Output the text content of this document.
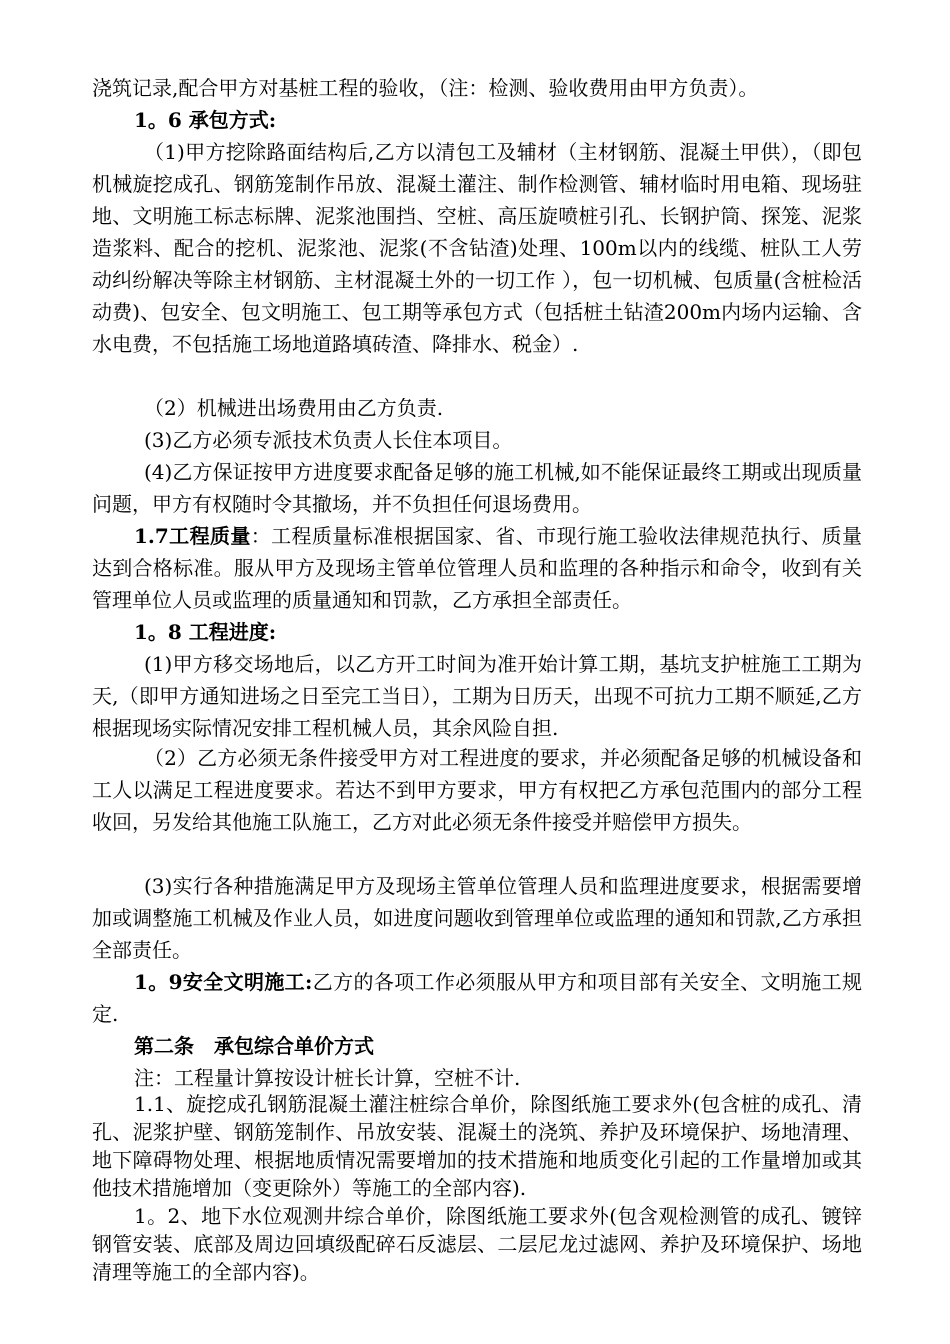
浇筑记录,配合甲方对基桩工程的验收，（注：检测、验收费用由甲方负责）。

1。6 承包方式:

（1)甲方挖除路面结构后,乙方以清包工及辅材（主材钢筋、混凝土甲供），（即包机械旋挖成孔、钢筋笼制作吊放、混凝土灌注、制作检测管、辅材临时用电箱、现场驻地、文明施工标志标牌、泥浆池围挡、空桩、高压旋喷桩引孔、长钢护筒、探笼、泥浆造浆料、配合的挖机、泥浆池、泥浆(不含钻渣)处理、100m以内的线缆、桩队工人劳动纠纷解决等除主材钢筋、主材混凝土外的一切工作 ），包一切机械、包质量(含桩检活动费)、包安全、包文明施工、包工期等承包方式（包括桩土钻渣200m内场内运输、含水电费，不包括施工场地道路填砖渣、降排水、税金）.

（2）机械进出场费用由乙方负责.

(3)乙方必须专派技术负责人长住本项目。

(4)乙方保证按甲方进度要求配备足够的施工机械,如不能保证最终工期或出现质量问题，甲方有权随时令其撤场，并不负担任何退场费用。

1.7工程质量：工程质量标准根据国家、省、市现行施工验收法律规范执行、质量达到合格标准。服从甲方及现场主管单位管理人员和监理的各种指示和命令，收到有关管理单位人员或监理的质量通知和罚款，乙方承担全部责任。

1。8 工程进度:

(1)甲方移交场地后，以乙方开工时间为准开始计算工期，基坑支护桩施工工期为　天,（即甲方通知进场之日至完工当日），工期为日历天，出现不可抗力工期不顺延,乙方根据现场实际情况安排工程机械人员，其余风险自担.

（2）乙方必须无条件接受甲方对工程进度的要求，并必须配备足够的机械设备和工人以满足工程进度要求。若达不到甲方要求，甲方有权把乙方承包范围内的部分工程收回，另发给其他施工队施工，乙方对此必须无条件接受并赔偿甲方损失。

(3)实行各种措施满足甲方及现场主管单位管理人员和监理进度要求，根据需要增加或调整施工机械及作业人员，如进度问题收到管理单位或监理的通知和罚款,乙方承担全部责任。

1。9安全文明施工:乙方的各项工作必须服从甲方和项目部有关安全、文明施工规定.

第二条　承包综合单价方式

注：工程量计算按设计桩长计算，空桩不计.

1.1、旋挖成孔钢筋混凝土灌注桩综合单价，除图纸施工要求外(包含桩的成孔、清孔、泥浆护壁、钢筋笼制作、吊放安装、混凝土的浇筑、养护及环境保护、场地清理、地下障碍物处理、根据地质情况需要增加的技术措施和地质变化引起的工作量增加或其他技术措施增加（变更除外）等施工的全部内容).

1。2、地下水位观测井综合单价，除图纸施工要求外(包含观检测管的成孔、镀锌钢管安装、底部及周边回填级配碎石反滤层、二层尼龙过滤网、养护及环境保护、场地清理等施工的全部内容)。
